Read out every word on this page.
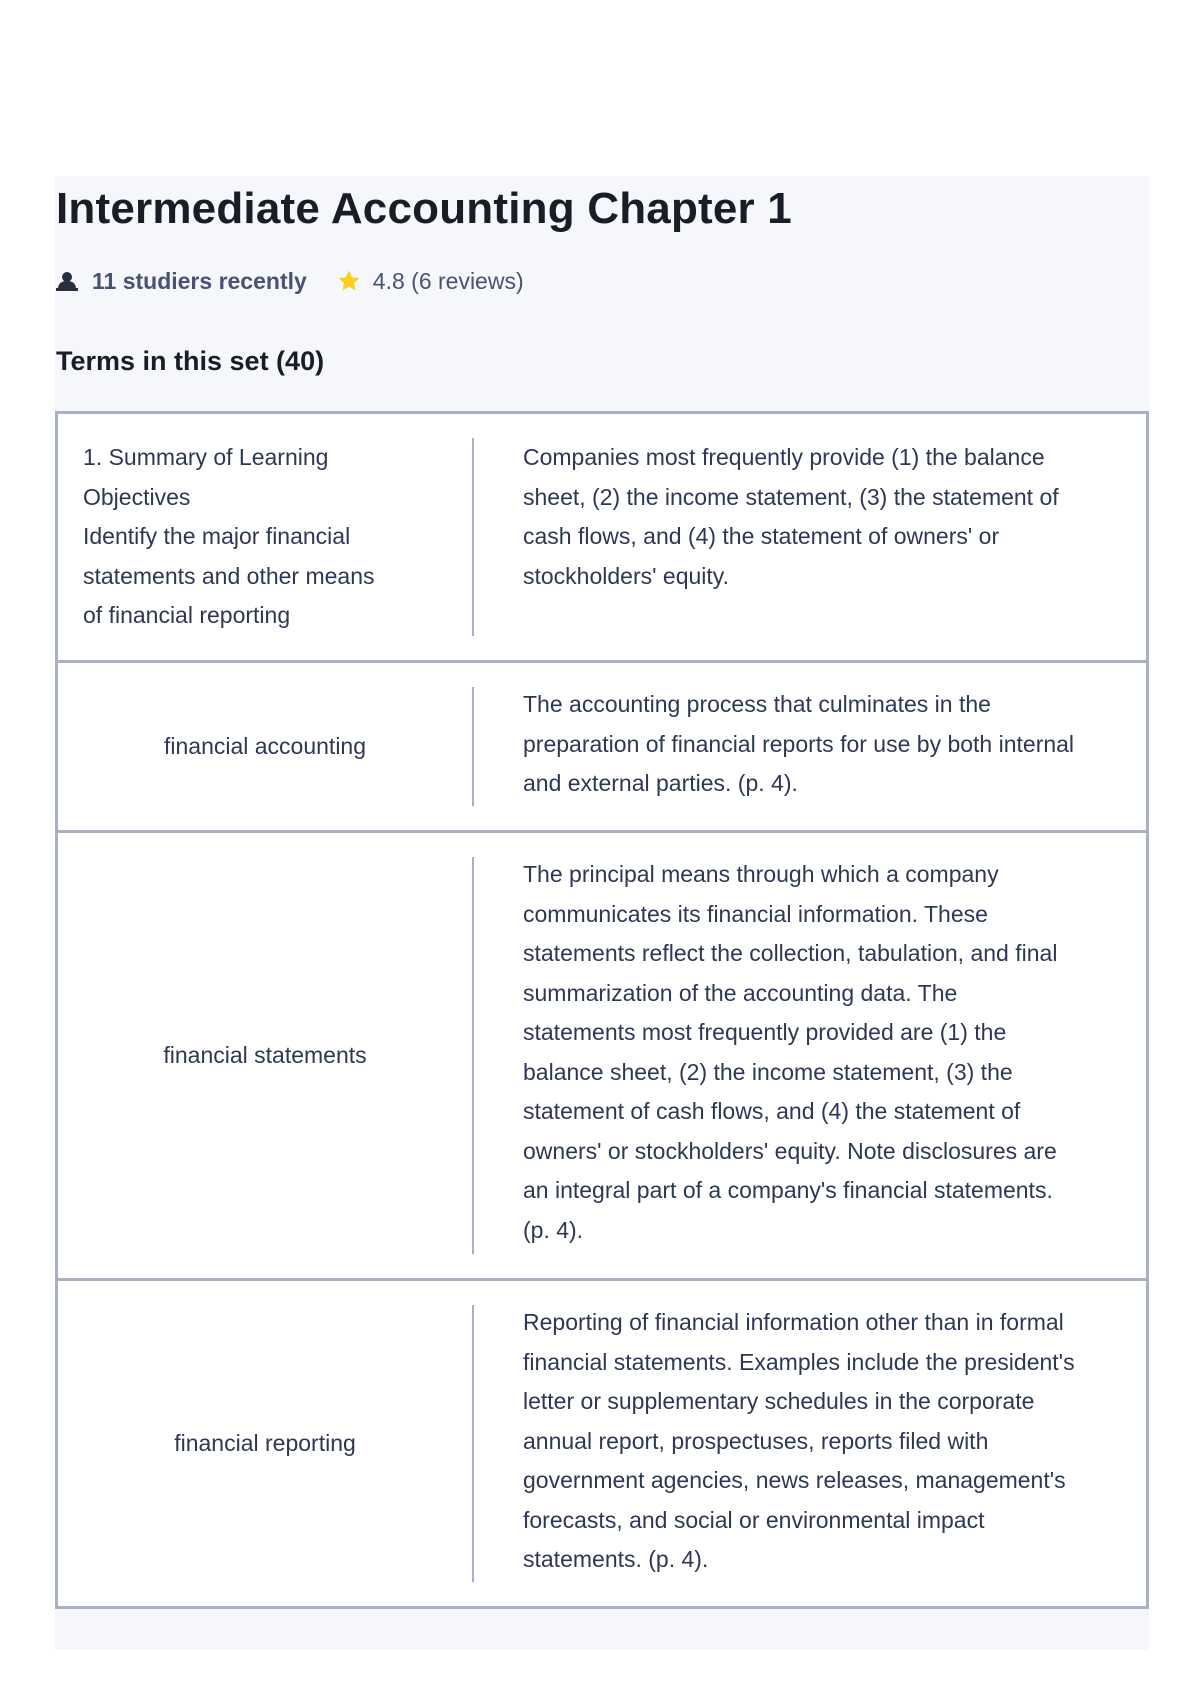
Intermediate Accounting Chapter 1
11 studiers recently	4.8 (6 reviews)
Terms in this set (40)
1. Summary of Learning
Objectives
Identify the major financial
statements and other means
of financial reporting
Companies most frequently provide (1) the balance sheet, (2) the income statement, (3) the statement of cash flows, and (4) the statement of owners' or stockholders' equity.
financial accounting
The accounting process that culminates in the preparation of financial reports for use by both internal and external parties. (p. 4).
financial statements
The principal means through which a company communicates its financial information. These statements reflect the collection, tabulation, and final summarization of the accounting data. The statements most frequently provided are (1) the balance sheet, (2) the income statement, (3) the statement of cash flows, and (4) the statement of owners' or stockholders' equity. Note disclosures are an integral part of a company's financial statements. (p. 4).
financial reporting
Reporting of financial information other than in formal financial statements. Examples include the president's letter or supplementary schedules in the corporate annual report, prospectuses, reports filed with government agencies, news releases, management's forecasts, and social or environmental impact statements. (p. 4).
